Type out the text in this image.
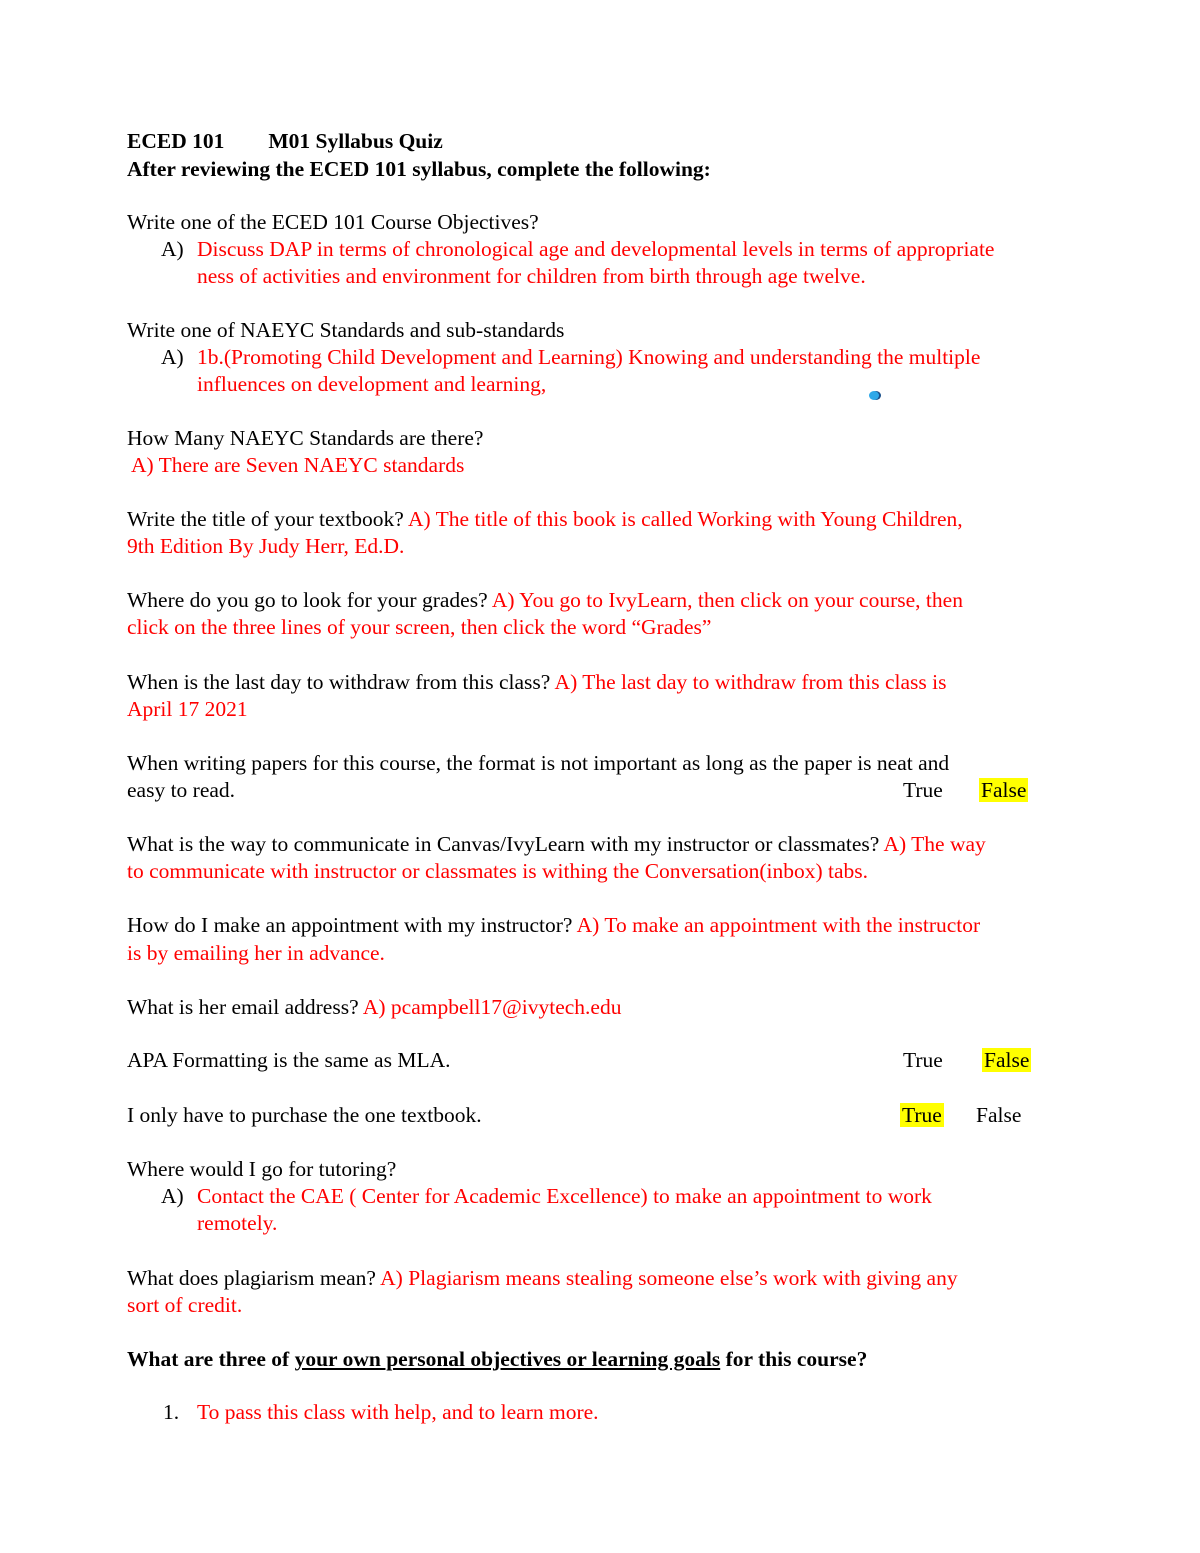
ECED 101 M01 Syllabus Quiz
After reviewing the ECED 101 syllabus, complete the following:
Write one of the ECED 101 Course Objectives?
A) Discuss DAP in terms of chronological age and developmental levels in terms of appropriate
ness of activities and environment for children from birth through age twelve.
Write one of NAEYC Standards and sub-standards
A) 1b.(Promoting Child Development and Learning) Knowing and understanding the multiple
influences on development and learning,
How Many NAEYC Standards are there?
A) There are Seven NAEYC standards
Write the title of your textbook? A) The title of this book is called Working with Young Children,
9th Edition By Judy Herr, Ed.D.
Where do you go to look for your grades? A) You go to IvyLearn, then click on your course, then
click on the three lines of your screen, then click the word “Grades”
When is the last day to withdraw from this class? A) The last day to withdraw from this class is
April 17 2021
When writing papers for this course, the format is not important as long as the paper is neat and
easy to read.	True False
What is the way to communicate in Canvas/IvyLearn with my instructor or classmates? A) The way
to communicate with instructor or classmates is withing the Conversation(inbox) tabs.
How do I make an appointment with my instructor? A) To make an appointment with the instructor
is by emailing her in advance.
What is her email address? A) pcampbell17@ivytech.edu
APA Formatting is the same as MLA.	True False
I only have to purchase the one textbook.	True False
Where would I go for tutoring?
A) Contact the CAE ( Center for Academic Excellence) to make an appointment to work
remotely.
What does plagiarism mean? A) Plagiarism means stealing someone else’s work with giving any
sort of credit.
What are three of your own personal objectives or learning goals for this course?
1. To pass this class with help, and to learn more.
